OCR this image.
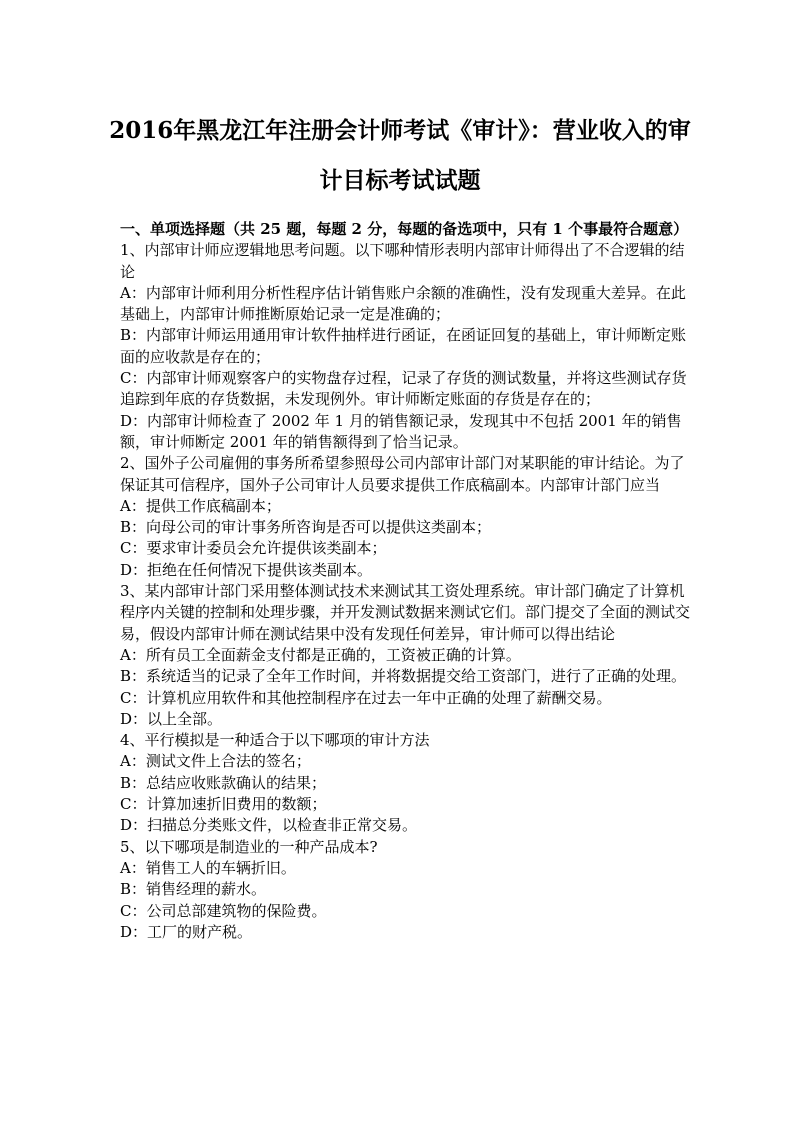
2016年黑龙江年注册会计师考试《审计》：营业收入的审
计目标考试试题

一、单项选择题（共 25 题，每题 2 分，每题的备选项中，只有 1 个事最符合题意）

1、内部审计师应逻辑地思考问题。以下哪种情形表明内部审计师得出了不合逻辑的结论

A：内部审计师利用分析性程序估计销售账户余额的准确性，没有发现重大差异。在此基础上，内部审计师推断原始记录一定是准确的；

B：内部审计师运用通用审计软件抽样进行函证，在函证回复的基础上，审计师断定账面的应收款是存在的；

C：内部审计师观察客户的实物盘存过程，记录了存货的测试数量，并将这些测试存货追踪到年底的存货数据，未发现例外。审计师断定账面的存货是存在的；

D：内部审计师检查了 2002 年 1 月的销售额记录，发现其中不包括 2001 年的销售额，审计师断定 2001 年的销售额得到了恰当记录。

2、国外子公司雇佣的事务所希望参照母公司内部审计部门对某职能的审计结论。为了保证其可信程序，国外子公司审计人员要求提供工作底稿副本。内部审计部门应当

A：提供工作底稿副本；

B：向母公司的审计事务所咨询是否可以提供这类副本；

C：要求审计委员会允许提供该类副本；

D：拒绝在任何情况下提供该类副本。

3、某内部审计部门采用整体测试技术来测试其工资处理系统。审计部门确定了计算机程序内关键的控制和处理步骤，并开发测试数据来测试它们。部门提交了全面的测试交易，假设内部审计师在测试结果中没有发现任何差异，审计师可以得出结论

A：所有员工全面薪金支付都是正确的，工资被正确的计算。

B：系统适当的记录了全年工作时间，并将数据提交给工资部门，进行了正确的处理。

C：计算机应用软件和其他控制程序在过去一年中正确的处理了薪酬交易。

D：以上全部。

4、平行模拟是一种适合于以下哪项的审计方法

A：测试文件上合法的签名；

B：总结应收账款确认的结果；

C：计算加速折旧费用的数额；

D：扫描总分类账文件，以检查非正常交易。

5、以下哪项是制造业的一种产品成本?

A：销售工人的车辆折旧。

B：销售经理的薪水。

C：公司总部建筑物的保险费。

D：工厂的财产税。
